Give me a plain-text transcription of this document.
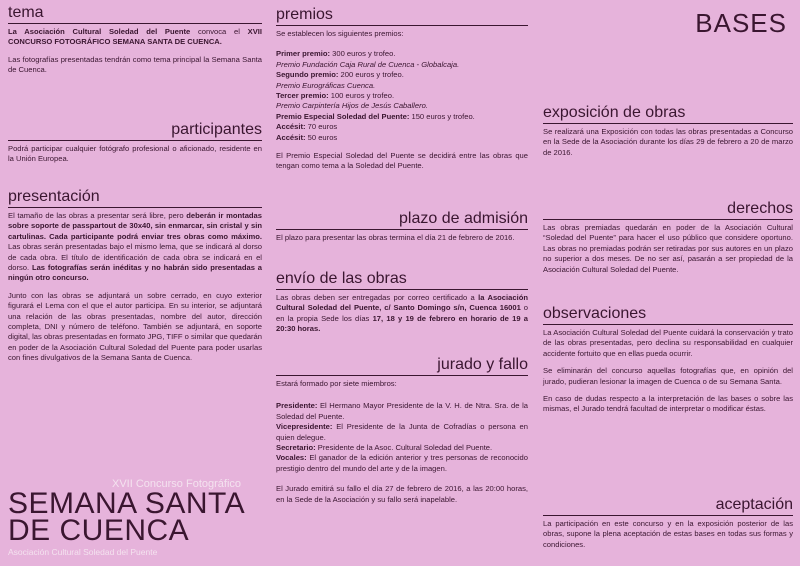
tema

La Asociación Cultural Soledad del Puente convoca el XVII CONCURSO FOTOGRÁFICO SEMANA SANTA DE CUENCA.

Las fotografías presentadas tendrán como tema principal la Semana Santa de Cuenca.

participantes

Podrá participar cualquier fotógrafo profesional o aficionado, residente en la Unión Europea.

presentación

El tamaño de las obras a presentar será libre, pero deberán ir montadas sobre soporte de passpartout de 30x40, sin enmarcar, sin cristal y sin cartulinas. Cada participante podrá enviar tres obras como máximo. Las obras serán presentadas bajo el mismo lema, que se indicará al dorso de cada obra. El título de identificación de cada obra se indicará en el dorso. Las fotografías serán inéditas y no habrán sido presentadas a ningún otro concurso.

Junto con las obras se adjuntará un sobre cerrado, en cuyo exterior figurará el Lema con el que el autor participa. En su interior, se adjuntará una relación de las obras presentadas, nombre del autor, dirección completa, DNI y número de teléfono. También se adjuntará, en soporte digital, las obras presentadas en formato JPG, TIFF o similar que quedarán en poder de la Asociación Cultural Soledad del Puente para poder usarlas con fines divulgativos de la Semana Santa de Cuenca.

XVII Concurso Fotográfico
SEMANA SANTA
DE CUENCA
Asociación Cultural Soledad del Puente
premios
Se establecen los siguientes premios:
Primer premio: 300 euros y trofeo.
Premio Fundación Caja Rural de Cuenca - Globalcaja.
Segundo premio: 200 euros y trofeo.
Premio Eurográficas Cuenca.
Tercer premio: 100 euros y trofeo.
Premio Carpintería Hijos de Jesús Caballero.
Premio Especial Soledad del Puente: 150 euros y trofeo.
Accésit: 70 euros
Accésit: 50 euros

El Premio Especial Soledad del Puente se decidirá entre las obras que tengan como tema a la Soledad del Puente.

plazo de admisión

El plazo para presentar las obras termina el día 21 de febrero de 2016.

envío de las obras

Las obras deben ser entregadas por correo certificado a la Asociación Cultural Soledad del Puente, c/ Santo Domingo s/n, Cuenca 16001 o en la propia Sede los días 17, 18 y 19 de febrero en horario de 19 a 20:30 horas.

jurado y fallo

Estará formado por siete miembros:

Presidente: El Hermano Mayor Presidente de la V. H. de Ntra. Sra. de la Soledad del Puente.

Vicepresidente: El Presidente de la Junta de Cofradías o persona en quien delegue.

Secretario: Presidente de la Asoc. Cultural Soledad del Puente.

Vocales: El ganador de la edición anterior y tres personas de reconocido prestigio dentro del mundo del arte y de la imagen.

El Jurado emitirá su fallo el día 27 de febrero de 2016, a las 20:00 horas, en la Sede de la Asociación y su fallo será inapelable.

BASES
exposición de obras

Se realizará una Exposición con todas las obras presentadas a Concurso en la Sede de la Asociación durante los días 29 de febrero a 20 de marzo de 2016.

derechos

Las obras premiadas quedarán en poder de la Asociación Cultural “Soledad del Puente” para hacer el uso público que considere oportuno. Las obras no premiadas podrán ser retiradas por sus autores en un plazo no superior a dos meses. De no ser así, pasarán a ser propiedad de la Asociación Cultural Soledad del Puente.

observaciones

La Asociación Cultural Soledad del Puente cuidará la conservación y trato de las obras presentadas, pero declina su responsabilidad en cualquier accidente fortuito que en ellas pueda ocurrir.

Se eliminarán del concurso aquellas fotografías que, en opinión del jurado, pudieran lesionar la imagen de Cuenca o de su Semana Santa.

En caso de dudas respecto a la interpretación de las bases o sobre las mismas, el Jurado tendrá facultad de interpretar o modificar éstas.

aceptación

La participación en este concurso y en la exposición posterior de las obras, supone la plena aceptación de estas bases en todas sus formas y condiciones.
